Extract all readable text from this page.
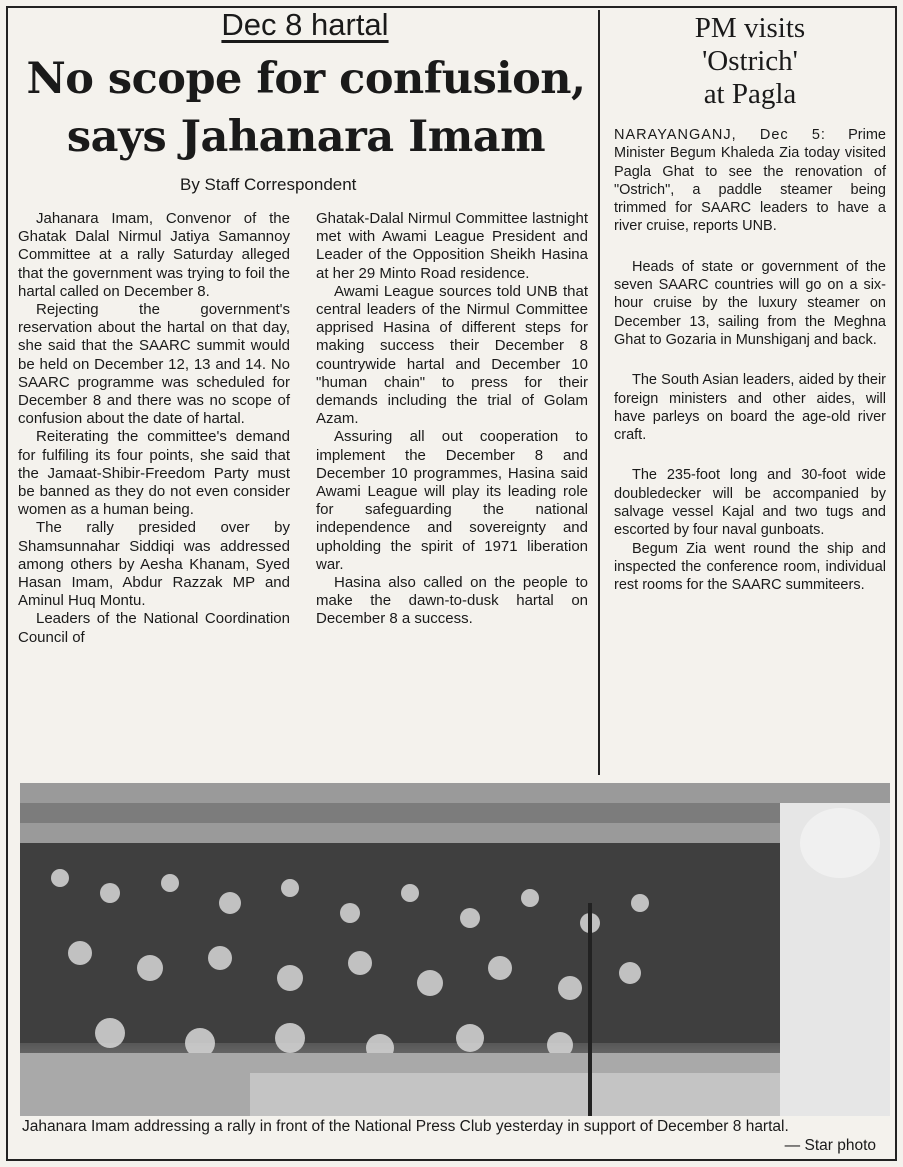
Dec 8 hartal
No scope for confusion, says Jahanara Imam
By Staff Correspondent

Jahanara Imam, Convenor of the Ghatak Dalal Nirmul Jatiya Samannoy Committee at a rally Saturday alleged that the government was trying to foil the hartal called on December 8.

Rejecting the government's reservation about the hartal on that day, she said that the SAARC summit would be held on December 12, 13 and 14. No SAARC programme was scheduled for December 8 and there was no scope of confusion about the date of hartal.

Reiterating the committee's demand for fulfiling its four points, she said that the Jamaat-Shibir-Freedom Party must be banned as they do not even consider women as a human being.

The rally presided over by Shamsunnahar Siddiqi was addressed among others by Aesha Khanam, Syed Hasan Imam, Abdur Razzak MP and Aminul Huq Montu.

Leaders of the National Coordination Council of

Ghatak-Dalal Nirmul Committee lastnight met with Awami League President and Leader of the Opposition Sheikh Hasina at her 29 Minto Road residence.

Awami League sources told UNB that central leaders of the Nirmul Committee apprised Hasina of different steps for making success their December 8 countrywide hartal and December 10 "human chain" to press for their demands including the trial of Golam Azam.

Assuring all out cooperation to implement the December 8 and December 10 programmes, Hasina said Awami League will play its leading role for safeguarding the national independence and sovereignty and upholding the spirit of 1971 liberation war.

Hasina also called on the people to make the dawn-to-dusk hartal on December 8 a success.

PM visits
'Ostrich'
at Pagla

NARAYANGANJ, Dec 5: Prime Minister Begum Khaleda Zia today visited Pagla Ghat to see the renovation of "Ostrich", a paddle steamer being trimmed for SAARC leaders to have a river cruise, reports UNB.

Heads of state or government of the seven SAARC countries will go on a six-hour cruise by the luxury steamer on December 13, sailing from the Meghna Ghat to Gozaria in Munshiganj and back.

The South Asian leaders, aided by their foreign ministers and other aides, will have parleys on board the age-old river craft.

The 235-foot long and 30-foot wide doubledecker will be accompanied by salvage vessel Kajal and two tugs and escorted by four naval gunboats.

Begum Zia went round the ship and inspected the conference room, individual rest rooms for the SAARC summiteers.

Jahanara Imam addressing a rally in front of the National Press Club yesterday in support of December 8 hartal.
— Star photo
